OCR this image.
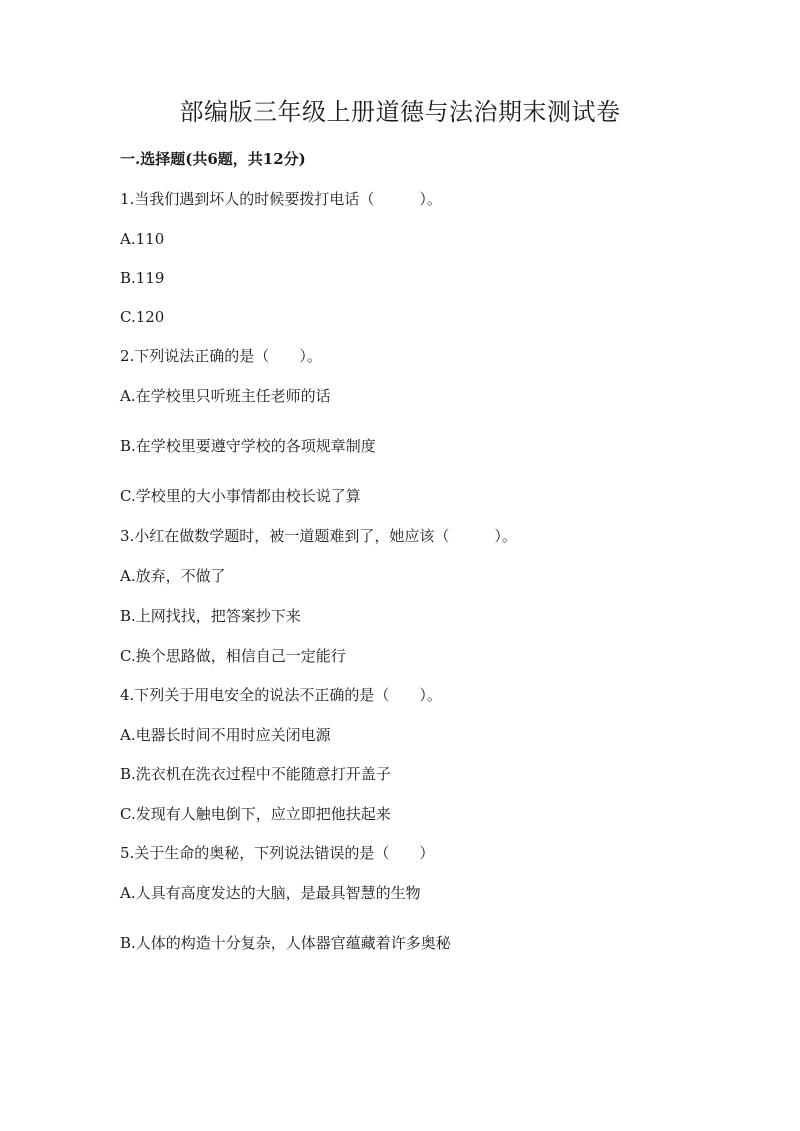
部编版三年级上册道德与法治期末测试卷
一.选择题(共6题，共12分)
1.当我们遇到坏人的时候要拨打电话（　　　）。
A.110
B.119
C.120
2.下列说法正确的是（　　）。
A.在学校里只听班主任老师的话
B.在学校里要遵守学校的各项规章制度
C.学校里的大小事情都由校长说了算
3.小红在做数学题时，被一道题难到了，她应该（　　　）。
A.放弃，不做了
B.上网找找，把答案抄下来
C.换个思路做，相信自己一定能行
4.下列关于用电安全的说法不正确的是（　　）。
A.电器长时间不用时应关闭电源
B.洗衣机在洗衣过程中不能随意打开盖子
C.发现有人触电倒下，应立即把他扶起来
5.关于生命的奥秘，下列说法错误的是（　　）
A.人具有高度发达的大脑，是最具智慧的生物
B.人体的构造十分复杂，人体器官蕴藏着许多奥秘
